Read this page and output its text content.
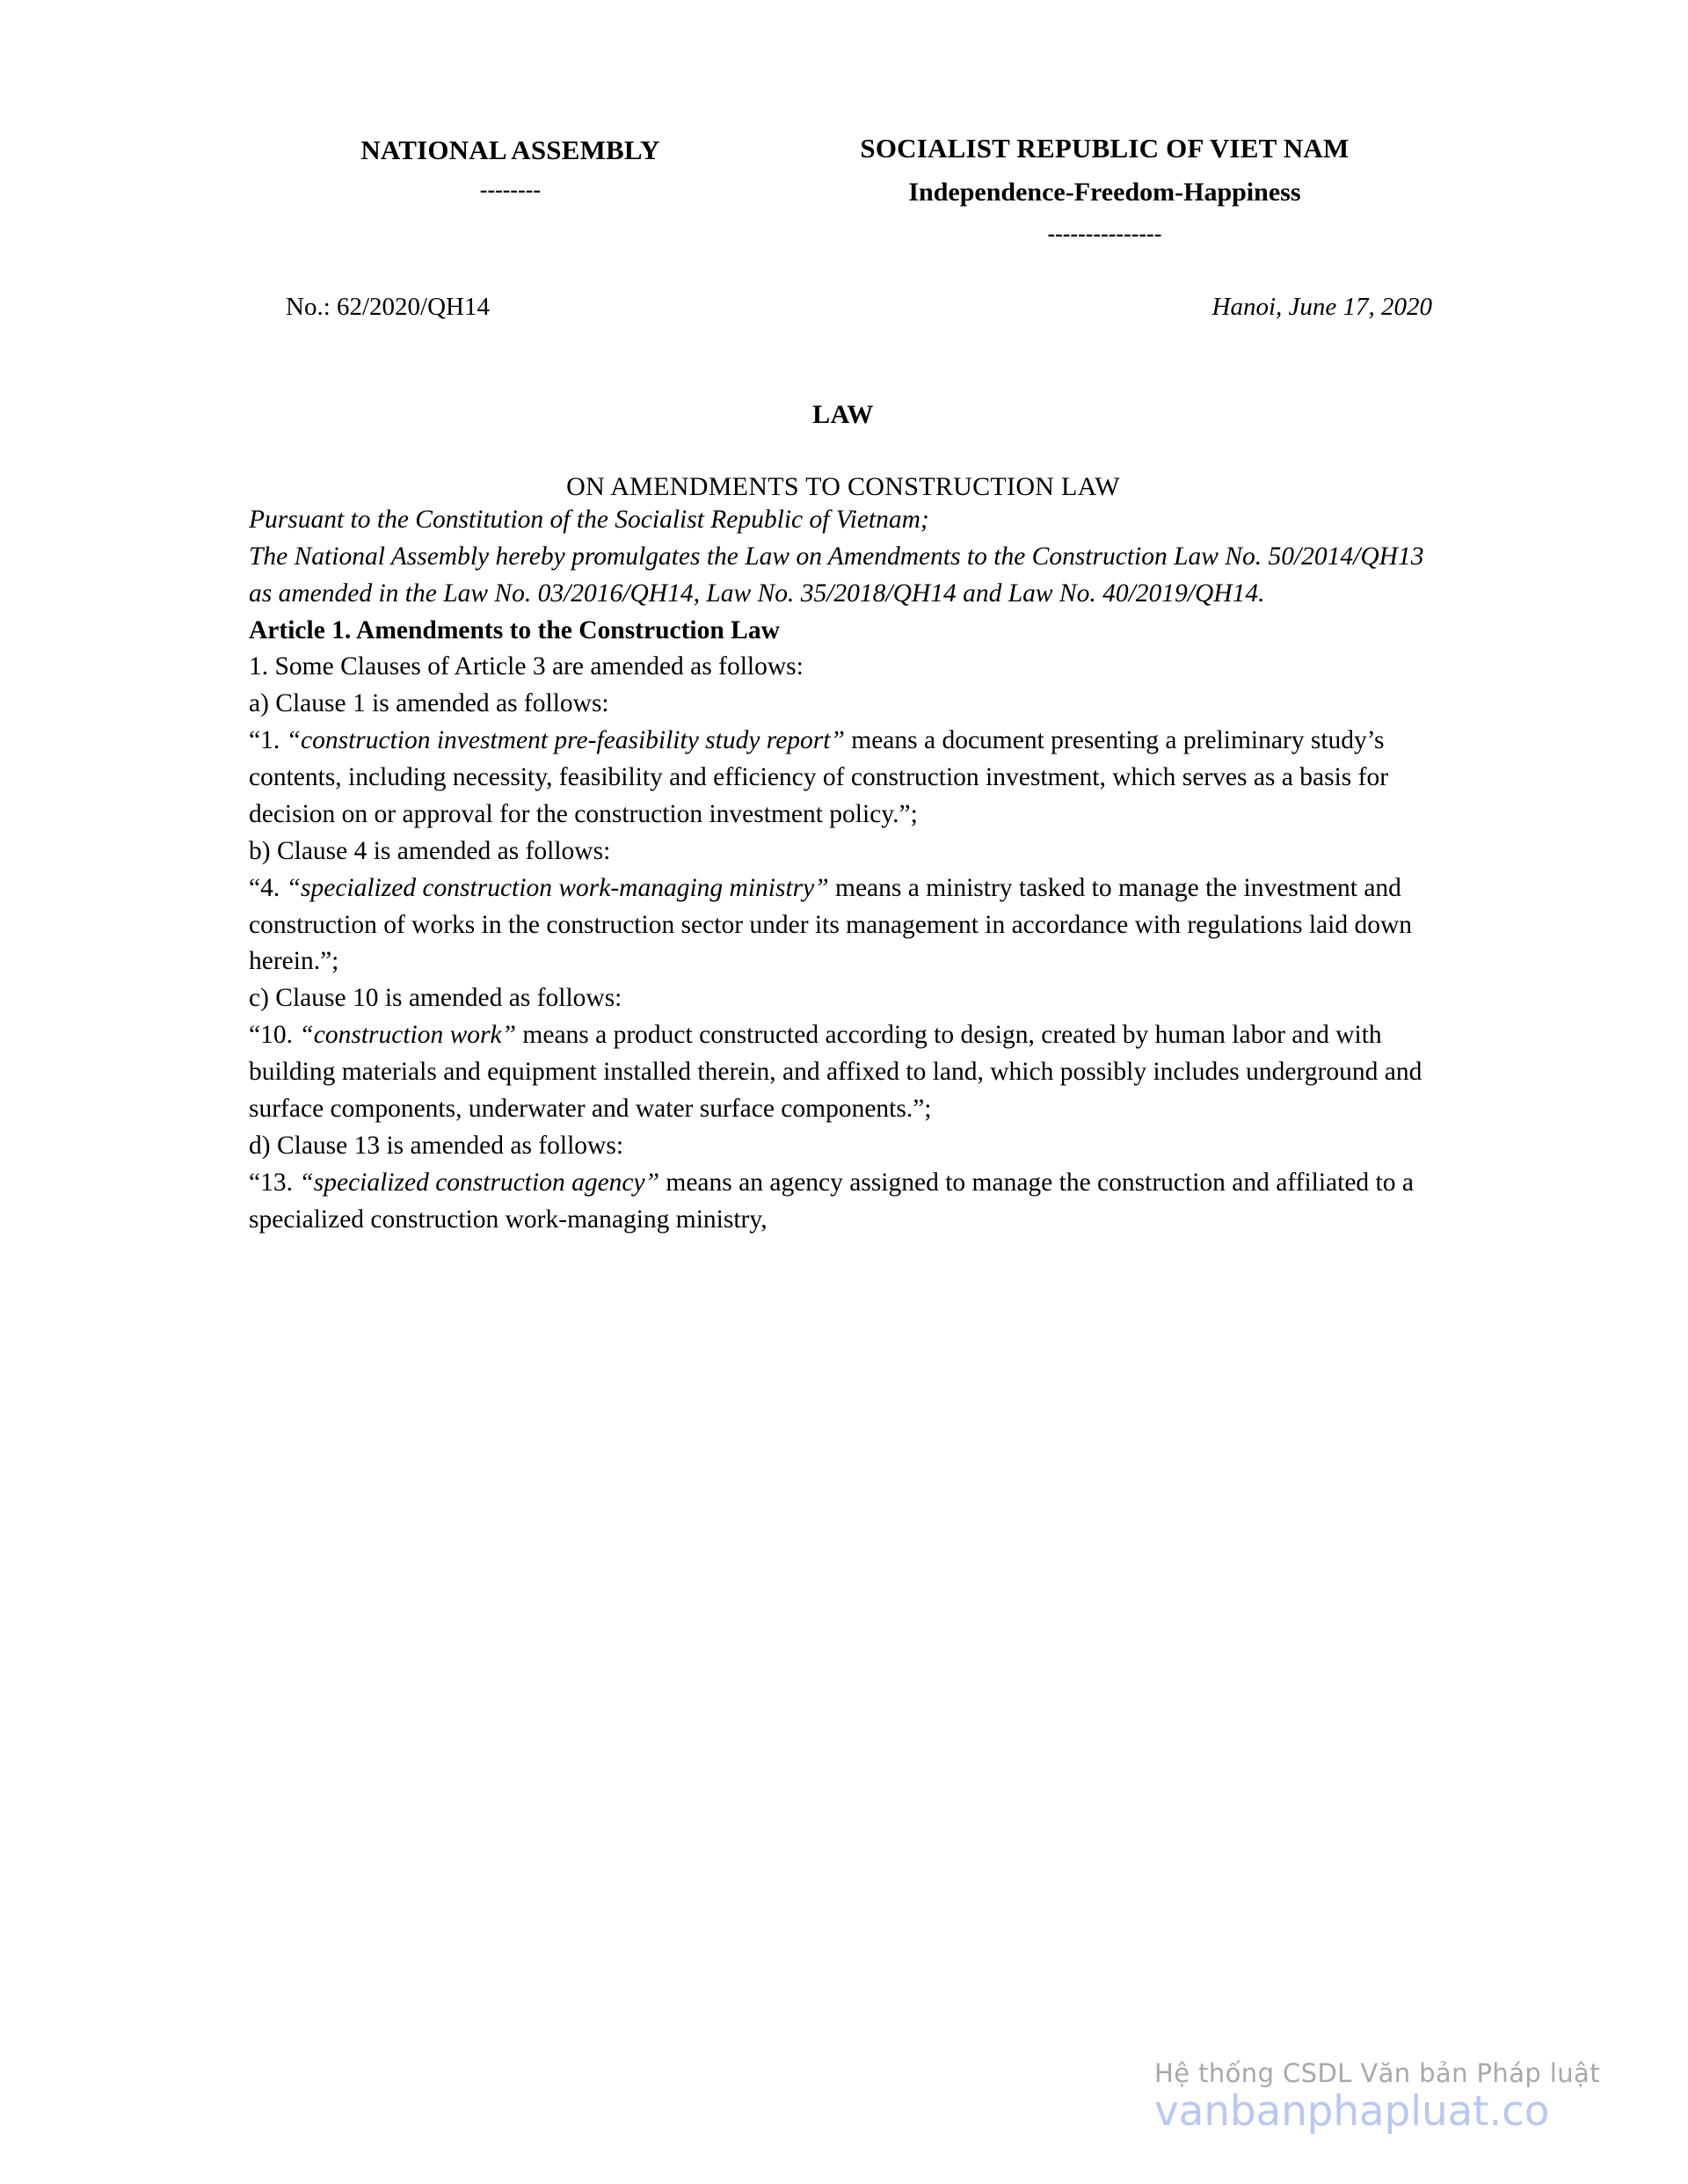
NATIONAL ASSEMBLY
--------
SOCIALIST REPUBLIC OF VIET NAM
Independence-Freedom-Happiness
---------------
No.: 62/2020/QH14	Hanoi, June 17, 2020
LAW
ON AMENDMENTS TO CONSTRUCTION LAW

Pursuant to the Constitution of the Socialist Republic of Vietnam;

The National Assembly hereby promulgates the Law on Amendments to the Construction Law No. 50/2014/QH13 as amended in the Law No. 03/2016/QH14, Law No. 35/2018/QH14 and Law No. 40/2019/QH14.

Article 1. Amendments to the Construction Law

1. Some Clauses of Article 3 are amended as follows:

a) Clause 1 is amended as follows:

“1. “construction investment pre-feasibility study report” means a document presenting a preliminary study’s contents, including necessity, feasibility and efficiency of construction investment, which serves as a basis for decision on or approval for the construction investment policy.”;

b) Clause 4 is amended as follows:

“4. “specialized construction work-managing ministry” means a ministry tasked to manage the investment and construction of works in the construction sector under its management in accordance with regulations laid down herein.”;

c) Clause 10 is amended as follows:

“10. “construction work” means a product constructed according to design, created by human labor and with building materials and equipment installed therein, and affixed to land, which possibly includes underground and surface components, underwater and water surface components.”;

d) Clause 13 is amended as follows:

“13. “specialized construction agency” means an agency assigned to manage the construction and affiliated to a specialized construction work-managing ministry,

Hệ thống CSDL Văn bản Pháp luật
vanbanphapluat.co
